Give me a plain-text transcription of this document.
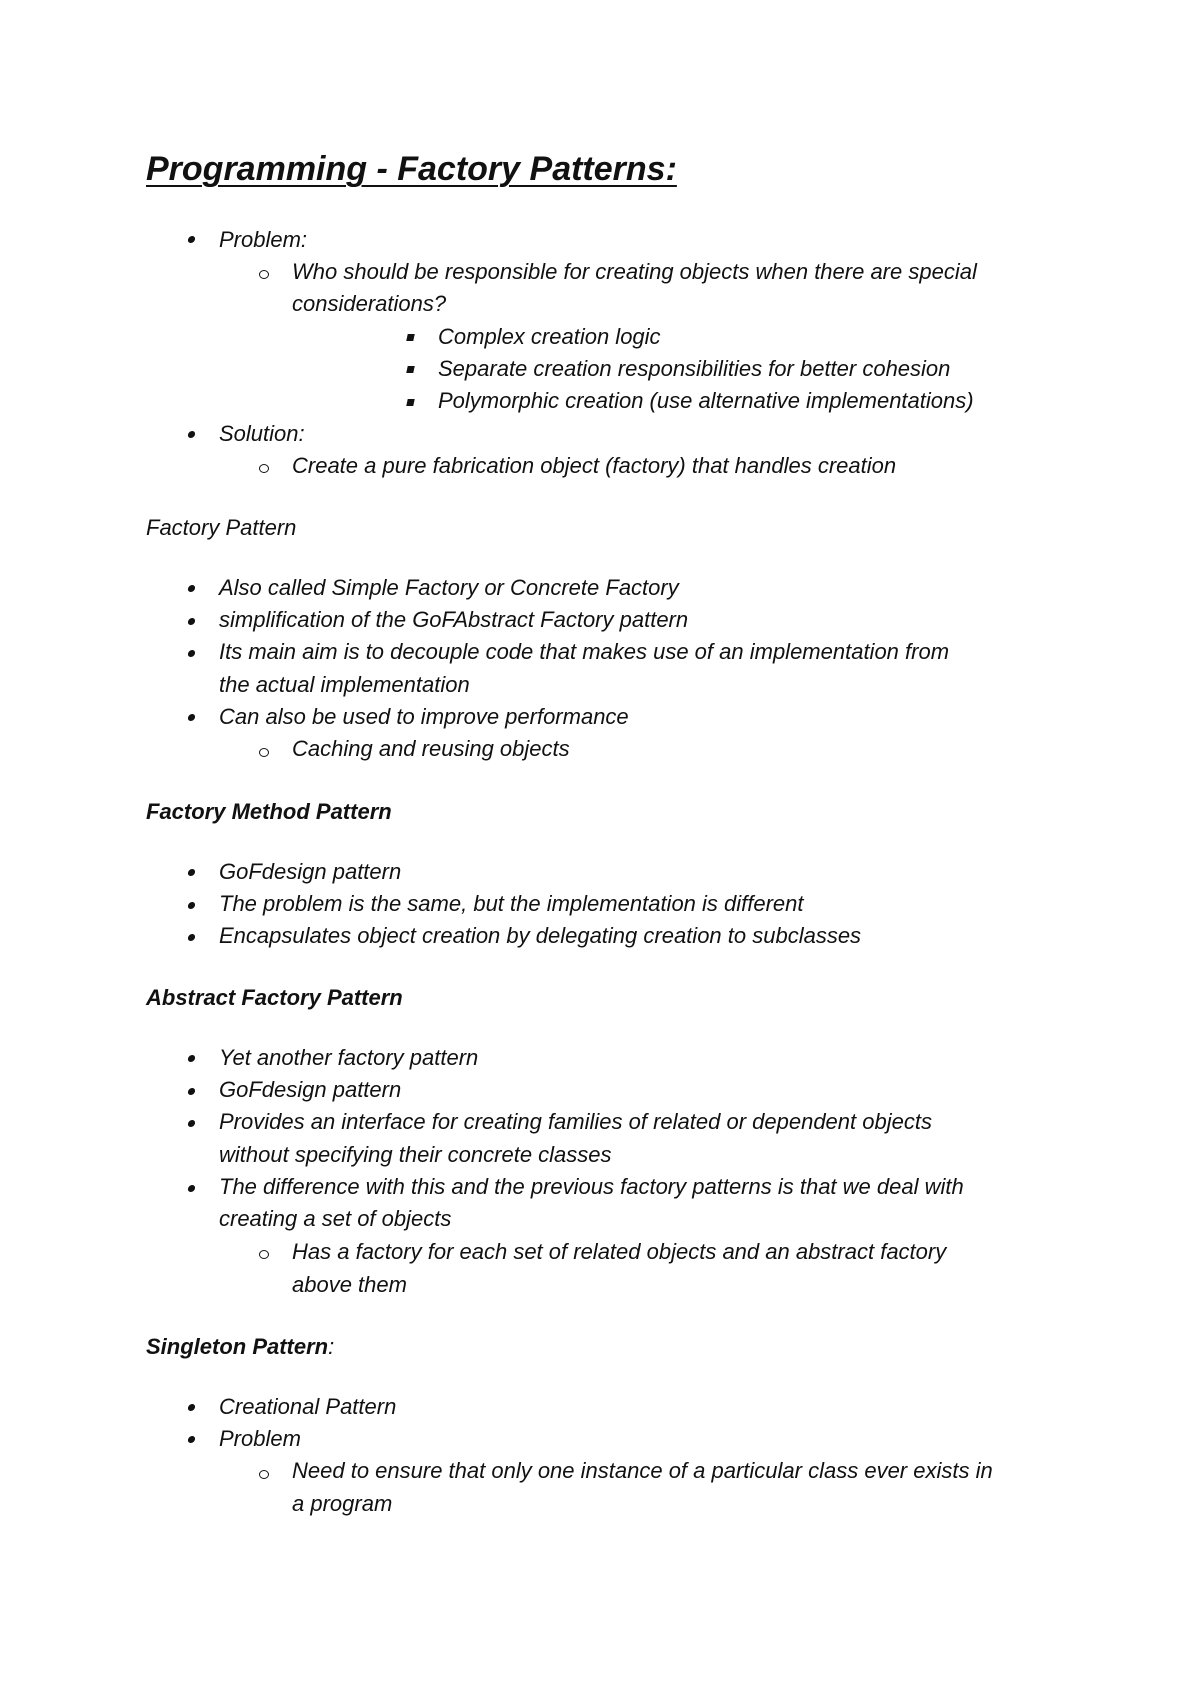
Programming - Factory Patterns:
Problem:
Who should be responsible for creating objects when there are special
considerations?
Complex creation logic
Separate creation responsibilities for better cohesion
Polymorphic creation (use alternative implementations)
Solution:
Create a pure fabrication object (factory) that handles creation
Factory Pattern
Also called Simple Factory or Concrete Factory
simplification of the GoFAbstract Factory pattern
Its main aim is to decouple code that makes use of an implementation from
the actual implementation
Can also be used to improve performance
Caching and reusing objects
Factory Method Pattern
GoFdesign pattern
The problem is the same, but the implementation is different
Encapsulates object creation by delegating creation to subclasses
Abstract Factory Pattern
Yet another factory pattern
GoFdesign pattern
Provides an interface for creating families of related or dependent objects
without specifying their concrete classes
The difference with this and the previous factory patterns is that we deal with
creating a set of objects
Has a factory for each set of related objects and an abstract factory
above them
Singleton Pattern:
Creational Pattern
Problem
Need to ensure that only one instance of a particular class ever exists in
a program
